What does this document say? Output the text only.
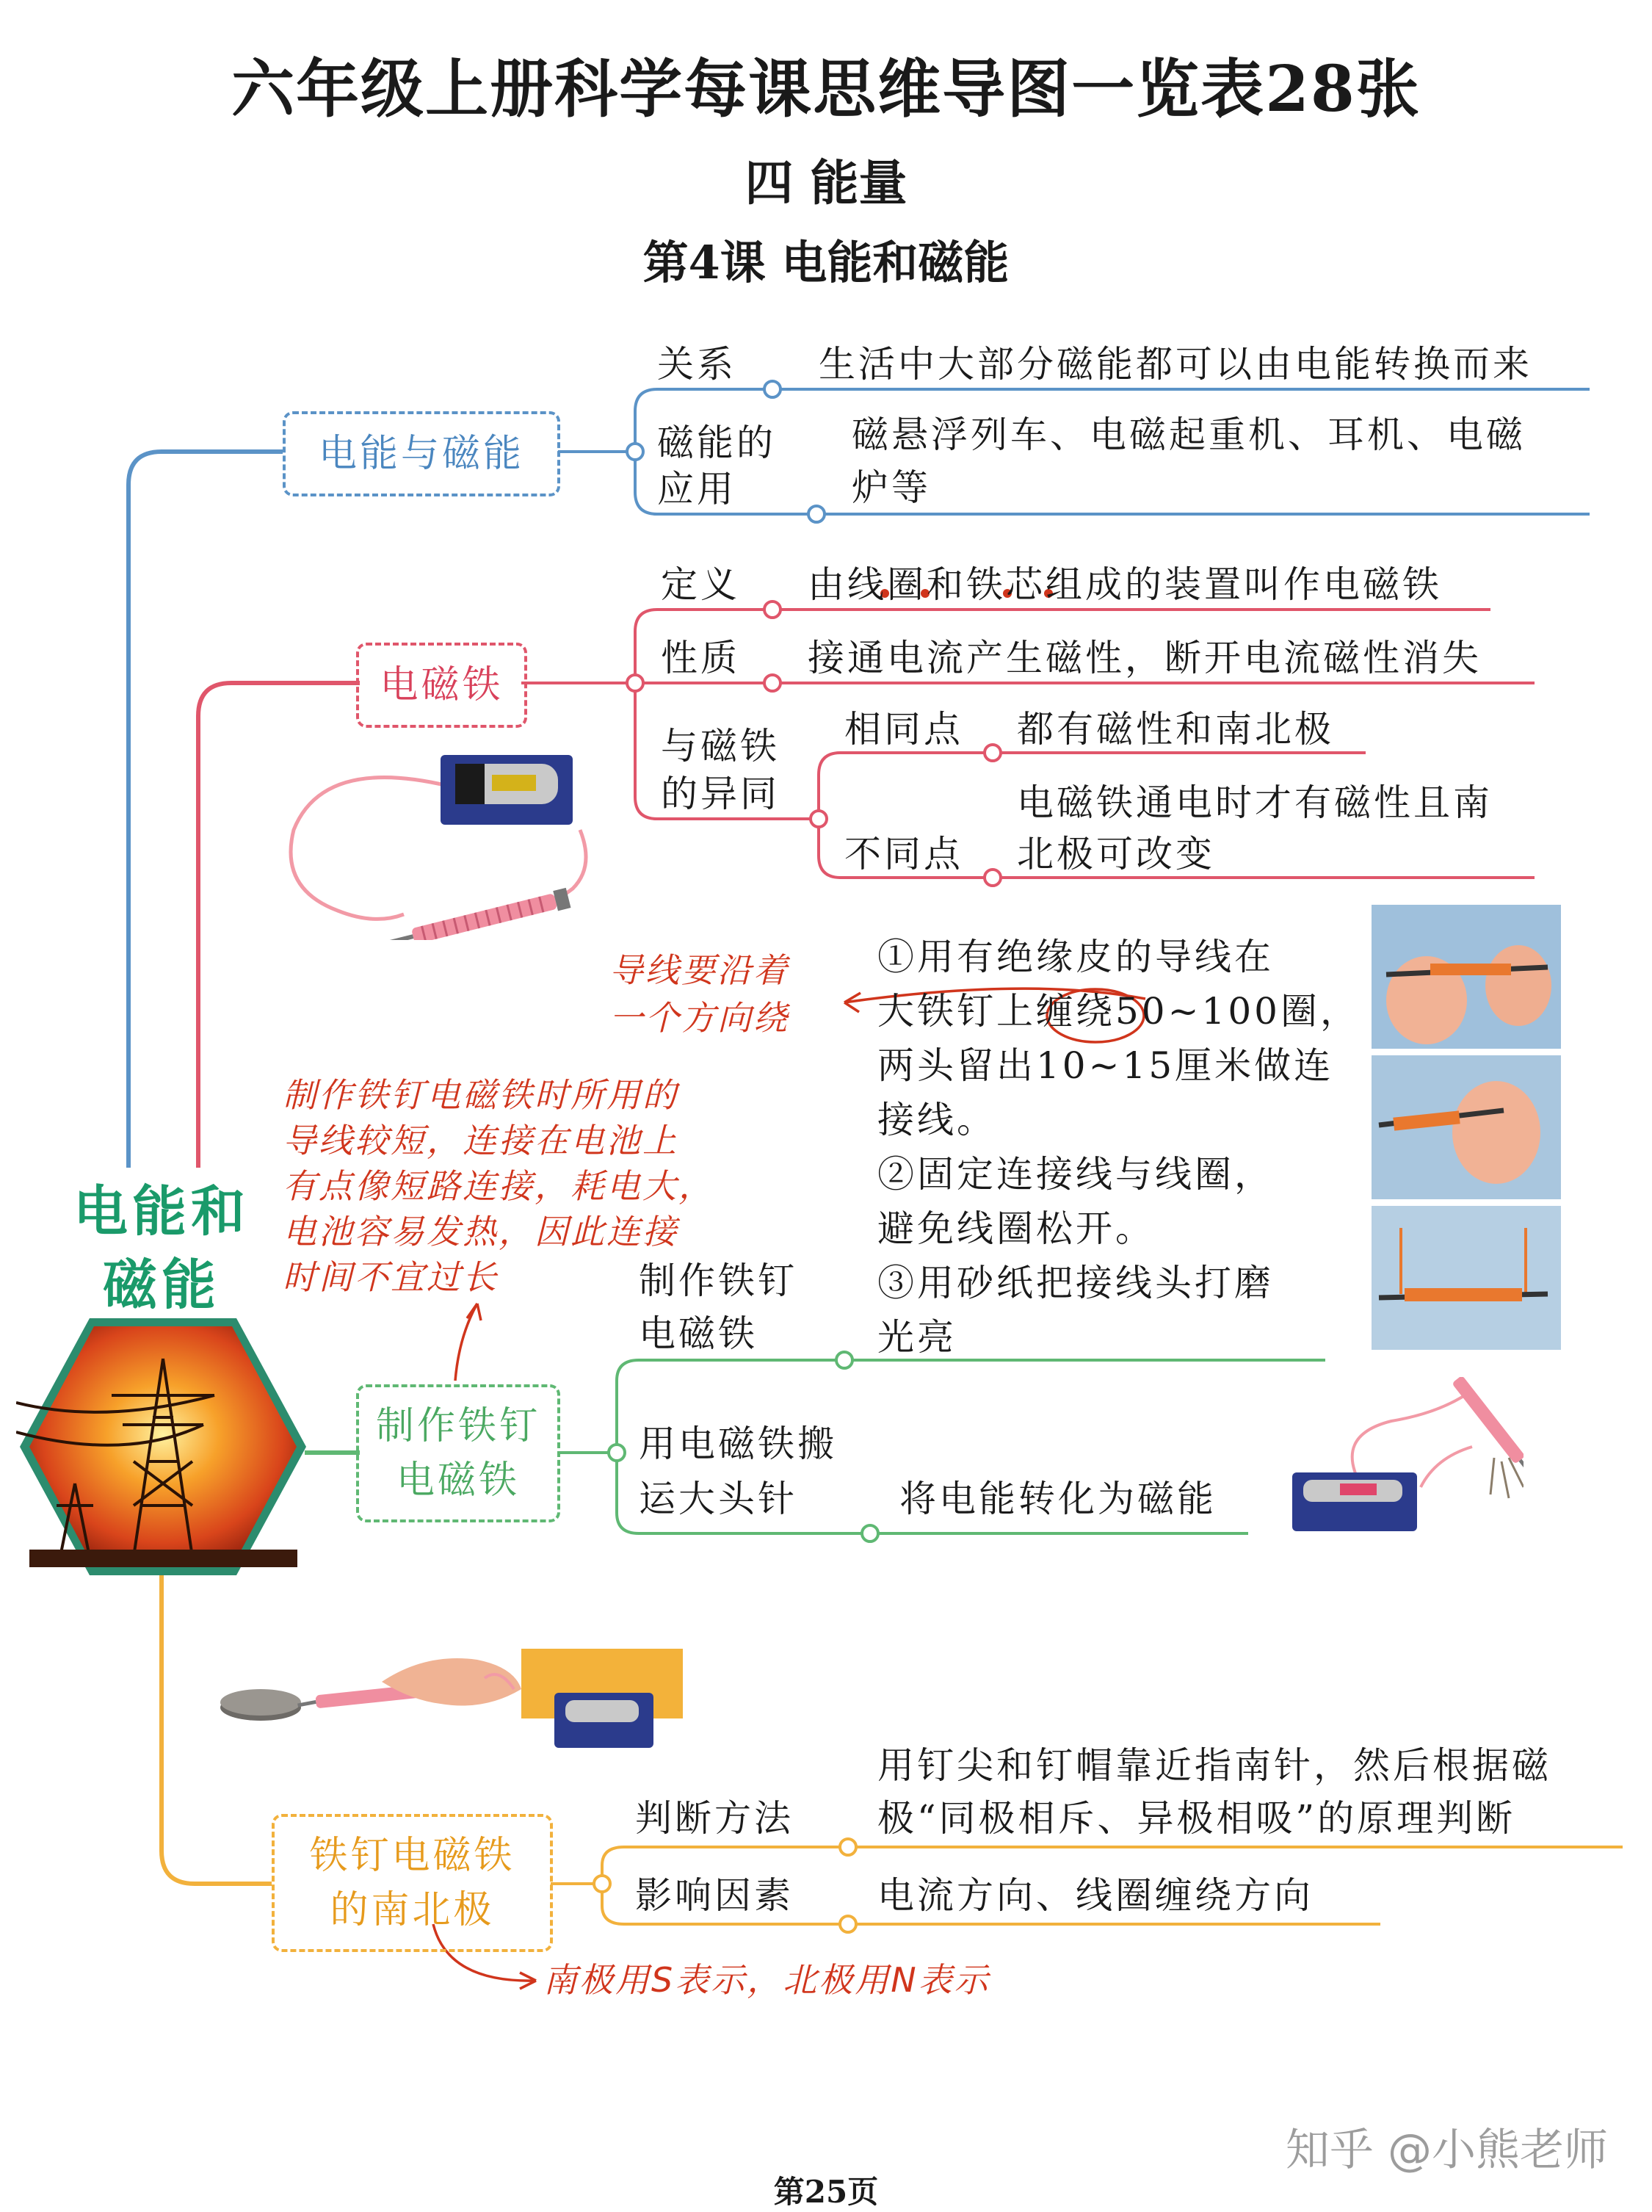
六年级上册科学每课思维导图一览表28张
四 能量
第4课 电能和磁能
电能和
磁能
电能与磁能
关系 生活中大部分磁能都可以由电能转换而来
磁能的
应用
磁悬浮列车、电磁起重机、耳机、电磁
炉等
电磁铁
定义 由线圈和铁芯组成的装置叫作电磁铁
性质 接通电流产生磁性，断开电流磁性消失
与磁铁
的异同
相同点 都有磁性和南北极
不同点
电磁铁通电时才有磁性且南
北极可改变
制作铁钉
电磁铁
制作铁钉
电磁铁
①用有绝缘皮的导线在
大铁钉上缠绕50~100圈，
两头留出10~15厘米做连
接线。
②固定连接线与线圈，
避免线圈松开。
③用砂纸把接线头打磨
光亮
用电磁铁搬
运大头针	将电能转化为磁能
铁钉电磁铁
的南北极
判断方法
用钉尖和钉帽靠近指南针，然后根据磁
极“同极相斥、异极相吸”的原理判断
影响因素 电流方向、线圈缠绕方向
导线要沿着
一个方向绕
制作铁钉电磁铁时所用的
导线较短，连接在电池上
有点像短路连接，耗电大，
电池容易发热，因此连接
时间不宜过长
南极用S表示，北极用N表示
知乎 @小熊老师
第25页
